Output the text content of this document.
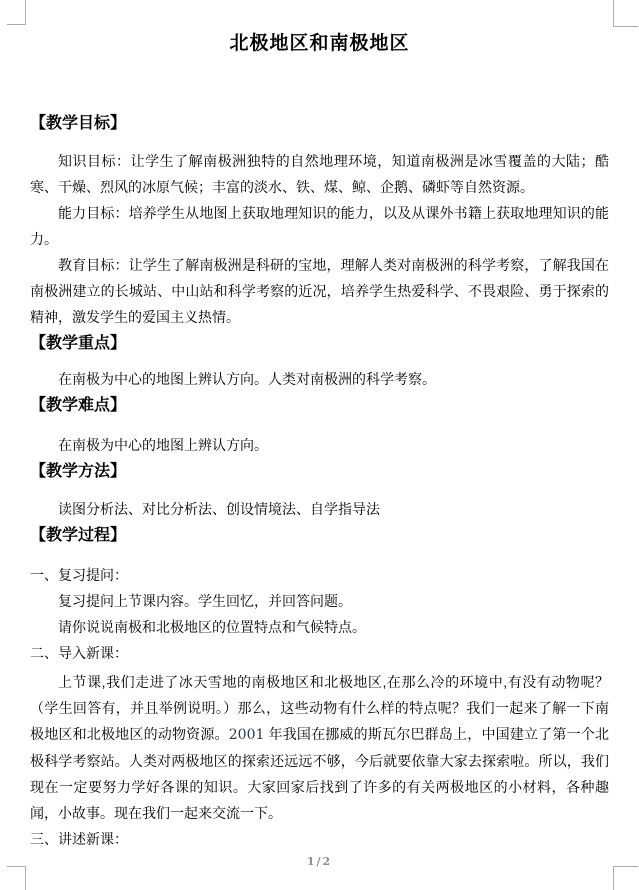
北极地区和南极地区
【教学目标】

知识目标：让学生了解南极洲独特的自然地理环境，知道南极洲是冰雪覆盖的大陆；酷寒、干燥、烈风的冰原气候；丰富的淡水、铁、煤、鲸、企鹅、磷虾等自然资源。

能力目标：培养学生从地图上获取地理知识的能力，以及从课外书籍上获取地理知识的能力。

教育目标：让学生了解南极洲是科研的宝地，理解人类对南极洲的科学考察，了解我国在南极洲建立的长城站、中山站和科学考察的近况，培养学生热爱科学、不畏艰险、勇于探索的精神，激发学生的爱国主义热情。

【教学重点】

在南极为中心的地图上辨认方向。人类对南极洲的科学考察。

【教学难点】

在南极为中心的地图上辨认方向。

【教学方法】

读图分析法、对比分析法、创设情境法、自学指导法

【教学过程】

一、复习提问：

复习提问上节课内容。学生回忆，并回答问题。

请你说说南极和北极地区的位置特点和气候特点。

二、导入新课：

上节课,我们走进了冰天雪地的南极地区和北极地区,在那么冷的环境中,有没有动物呢？（学生回答有，并且举例说明。）那么，这些动物有什么样的特点呢？我们一起来了解一下南极地区和北极地区的动物资源。2001 年我国在挪威的斯瓦尔巴群岛上，中国建立了第一个北极科学考察站。人类对两极地区的探索还远远不够，今后就要依靠大家去探索啦。所以，我们现在一定要努力学好各课的知识。大家回家后找到了许多的有关两极地区的小材料，各种趣闻，小故事。现在我们一起来交流一下。

三、讲述新课：

1/2
